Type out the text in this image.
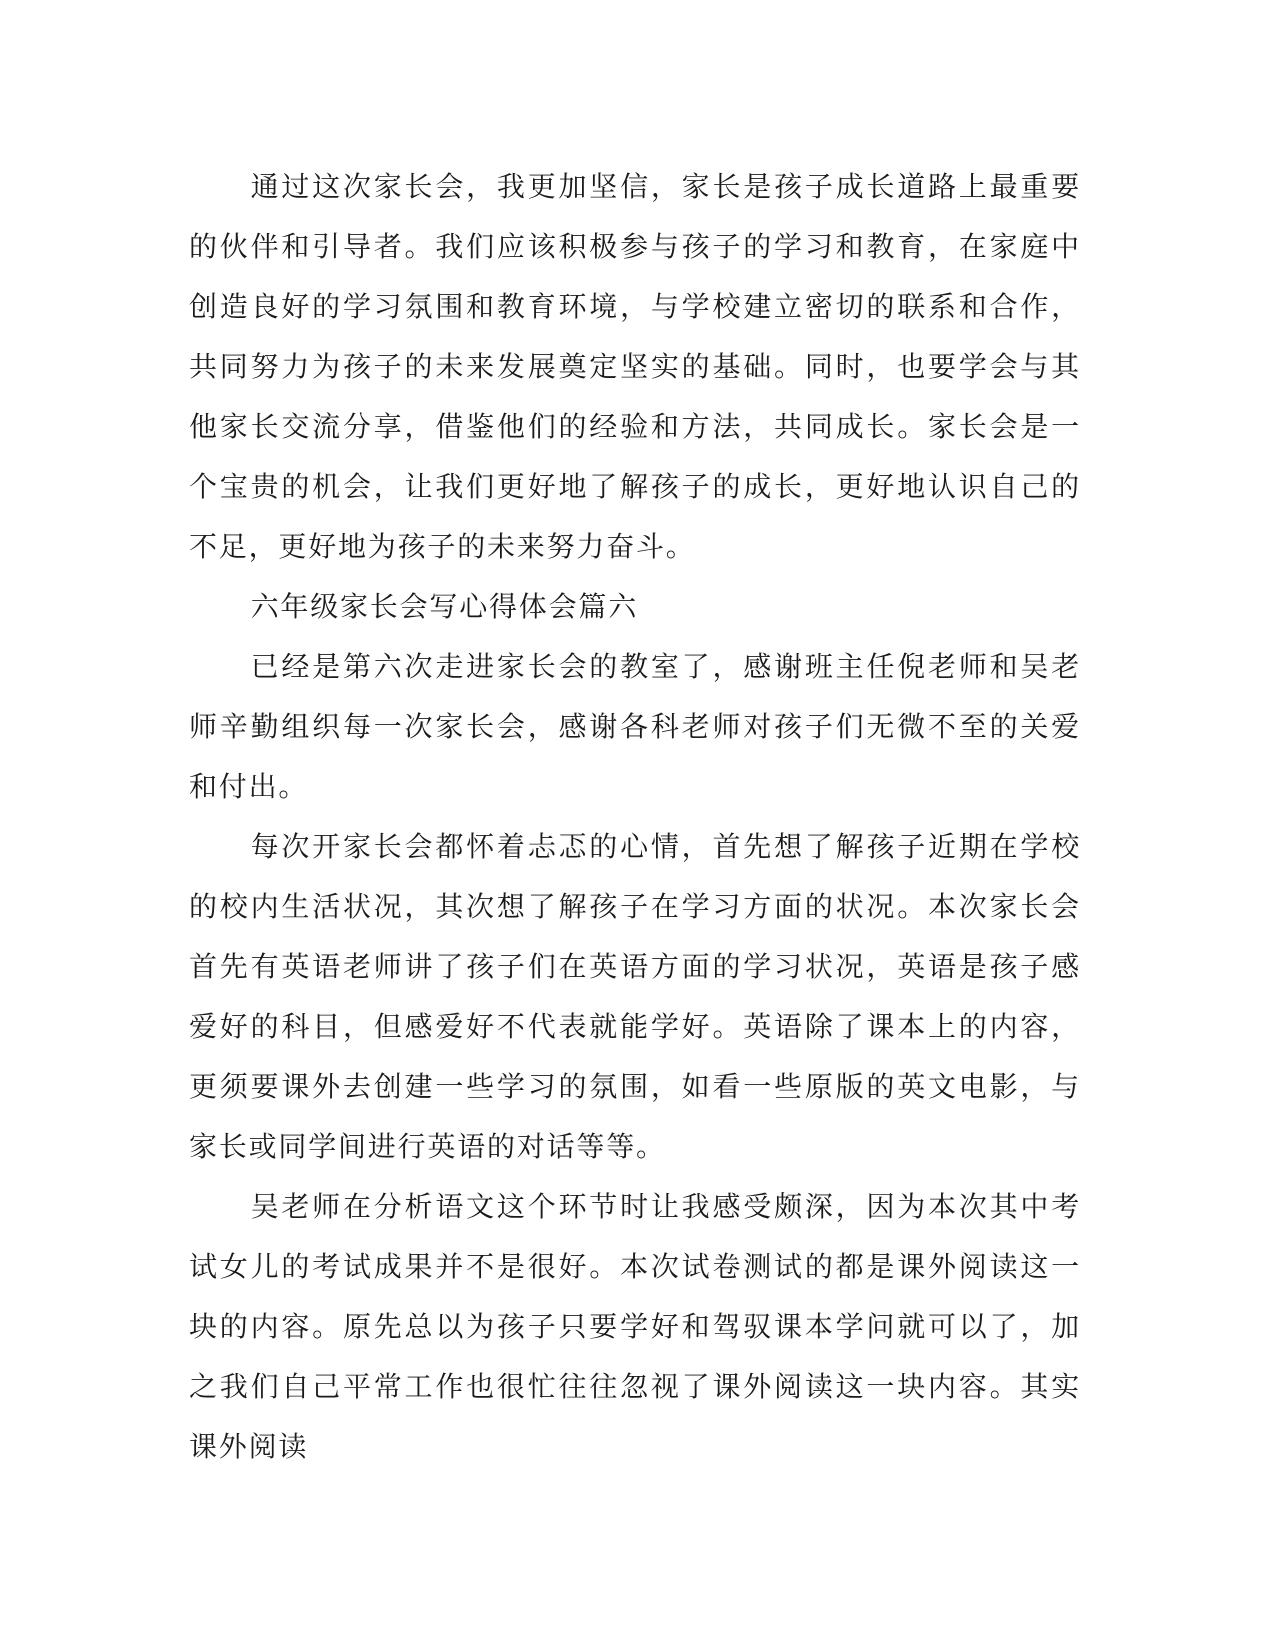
通过这次家长会，我更加坚信，家长是孩子成长道路上最重要的伙伴和引导者。我们应该积极参与孩子的学习和教育，在家庭中创造良好的学习氛围和教育环境，与学校建立密切的联系和合作，共同努力为孩子的未来发展奠定坚实的基础。同时，也要学会与其他家长交流分享，借鉴他们的经验和方法，共同成长。家长会是一个宝贵的机会，让我们更好地了解孩子的成长，更好地认识自己的不足，更好地为孩子的未来努力奋斗。

六年级家长会写心得体会篇六

已经是第六次走进家长会的教室了，感谢班主任倪老师和吴老师辛勤组织每一次家长会，感谢各科老师对孩子们无微不至的关爱和付出。

每次开家长会都怀着忐忑的心情，首先想了解孩子近期在学校的校内生活状况，其次想了解孩子在学习方面的状况。本次家长会首先有英语老师讲了孩子们在英语方面的学习状况，英语是孩子感爱好的科目，但感爱好不代表就能学好。英语除了课本上的内容，更须要课外去创建一些学习的氛围，如看一些原版的英文电影，与家长或同学间进行英语的对话等等。

吴老师在分析语文这个环节时让我感受颇深，因为本次其中考试女儿的考试成果并不是很好。本次试卷测试的都是课外阅读这一块的内容。原先总以为孩子只要学好和驾驭课本学问就可以了，加之我们自己平常工作也很忙往往忽视了课外阅读这一块内容。其实课外阅读
